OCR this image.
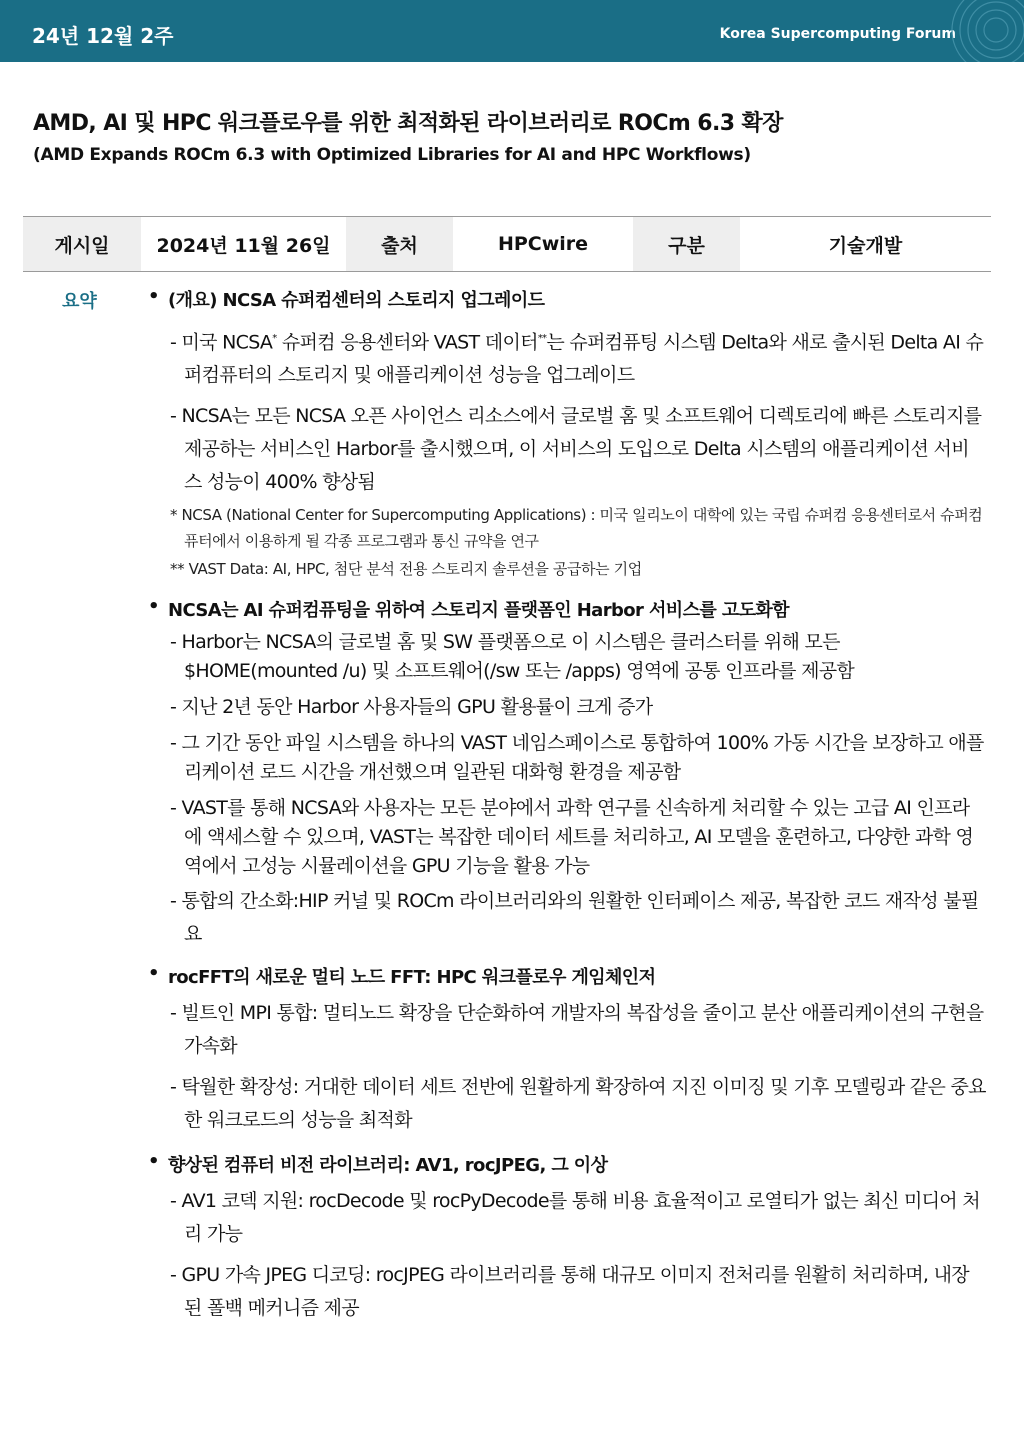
24년 12월 2주	Korea Supercomputing Forum
AMD, AI 및 HPC 워크플로우를 위한 최적화된 라이브러리로 ROCm 6.3 확장
(AMD Expands ROCm 6.3 with Optimized Libraries for AI and HPC Workflows)
게시일	2024년 11월 26일	출처	HPCwire	구분	기술개발
요약
•	(개요) NCSA 슈퍼컴센터의 스토리지 업그레이드
- 미국 NCSA* 슈퍼컴 응용센터와 VAST 데이터**는 슈퍼컴퓨팅 시스템 Delta와 새로 출시된 Delta AI 슈퍼컴퓨터의 스토리지 및 애플리케이션 성능을 업그레이드
- NCSA는 모든 NCSA 오픈 사이언스 리소스에서 글로벌 홈 및 소프트웨어 디렉토리에 빠른 스토리지를 제공하는 서비스인 Harbor를 출시했으며, 이 서비스의 도입으로 Delta 시스템의 애플리케이션 서비스 성능이 400% 향상됨
* NCSA (National Center for Supercomputing Applications) : 미국 일리노이 대학에 있는 국립 슈퍼컴 응용센터로서 슈퍼컴퓨터에서 이용하게 될 각종 프로그램과 통신 규약을 연구
** VAST Data: AI, HPC, 첨단 분석 전용 스토리지 솔루션을 공급하는 기업
• NCSA는 AI 슈퍼컴퓨팅을 위하여 스토리지 플랫폼인 Harbor 서비스를 고도화함
- Harbor는 NCSA의 글로벌 홈 및 SW 플랫폼으로 이 시스템은 클러스터를 위해 모든 $HOME(mounted /u) 및 소프트웨어(/sw 또는 /apps) 영역에 공통 인프라를 제공함
- 지난 2년 동안 Harbor 사용자들의 GPU 활용률이 크게 증가
- 그 기간 동안 파일 시스템을 하나의 VAST 네임스페이스로 통합하여 100% 가동 시간을 보장하고 애플리케이션 로드 시간을 개선했으며 일관된 대화형 환경을 제공함
- VAST를 통해 NCSA와 사용자는 모든 분야에서 과학 연구를 신속하게 처리할 수 있는 고급 AI 인프라에 액세스할 수 있으며, VAST는 복잡한 데이터 세트를 처리하고, AI 모델을 훈련하고, 다양한 과학 영역에서 고성능 시뮬레이션을 GPU 기능을 활용 가능
- 통합의 간소화:HIP 커널 및 ROCm 라이브러리와의 원활한 인터페이스 제공, 복잡한 코드 재작성 불필요
• rocFFT의 새로운 멀티 노드 FFT: HPC 워크플로우 게임체인저
- 빌트인 MPI 통합: 멀티노드 확장을 단순화하여 개발자의 복잡성을 줄이고 분산 애플리케이션의 구현을 가속화
- 탁월한 확장성: 거대한 데이터 세트 전반에 원활하게 확장하여 지진 이미징 및 기후 모델링과 같은 중요한 워크로드의 성능을 최적화
• 향상된 컴퓨터 비전 라이브러리: AV1, rocJPEG, 그 이상
- AV1 코덱 지원: rocDecode 및 rocPyDecode를 통해 비용 효율적이고 로열티가 없는 최신 미디어 처리 가능
- GPU 가속 JPEG 디코딩: rocJPEG 라이브러리를 통해 대규모 이미지 전처리를 원활히 처리하며, 내장된 폴백 메커니즘 제공
